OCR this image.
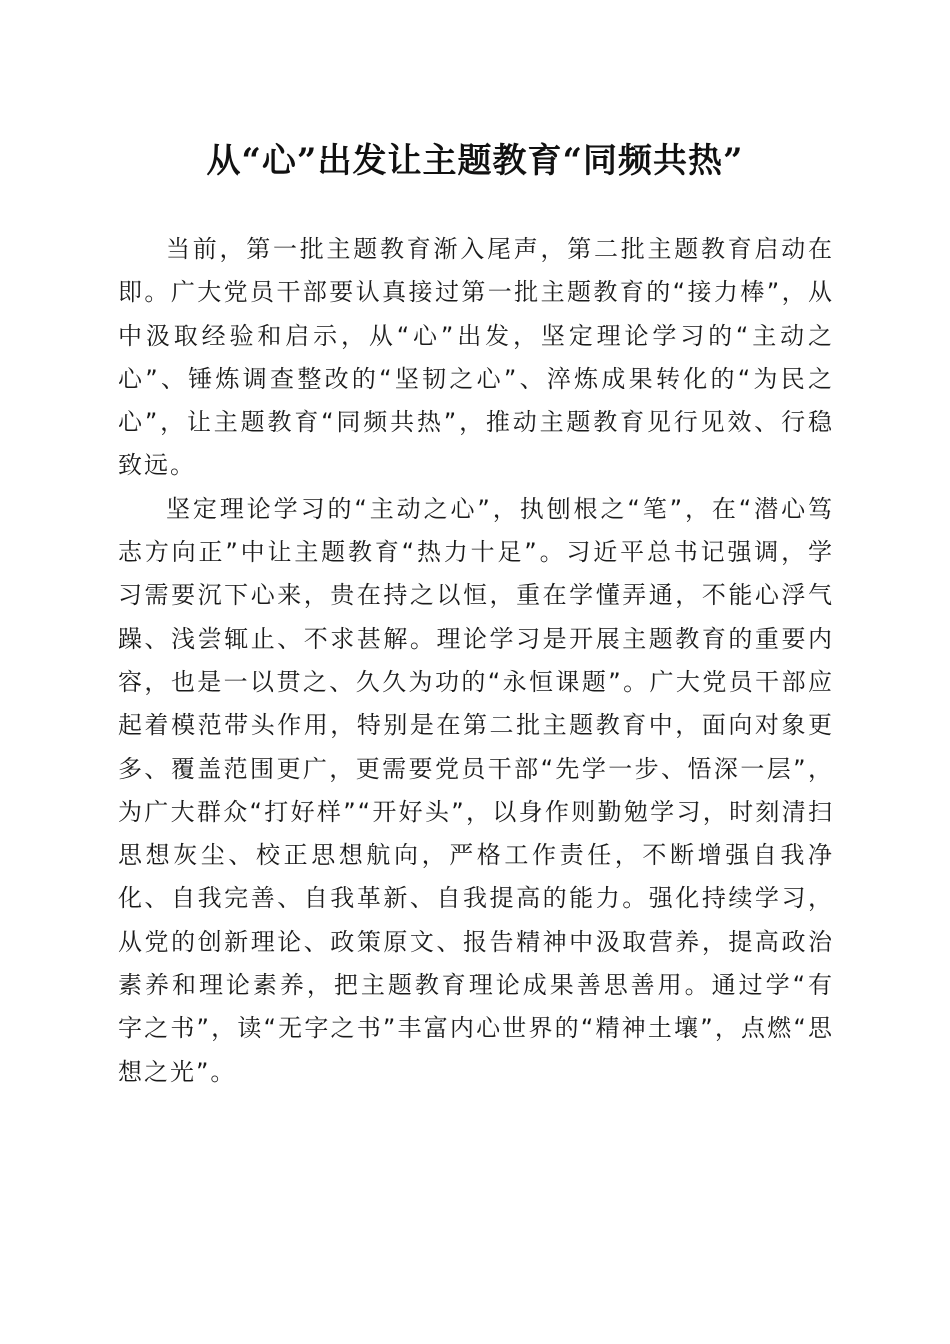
从“心”出发让主题教育“同频共热”

当前，第一批主题教育渐入尾声，第二批主题教育启动在即。广大党员干部要认真接过第一批主题教育的“接力棒”，从中汲取经验和启示，从“心”出发，坚定理论学习的“主动之心”、锤炼调查整改的“坚韧之心”、淬炼成果转化的“为民之心”，让主题教育“同频共热”，推动主题教育见行见效、行稳致远。

坚定理论学习的“主动之心”，执刨根之“笔”，在“潜心笃志方向正”中让主题教育“热力十足”。习近平总书记强调，学习需要沉下心来，贵在持之以恒，重在学懂弄通，不能心浮气躁、浅尝辄止、不求甚解。理论学习是开展主题教育的重要内容，也是一以贯之、久久为功的“永恒课题”。广大党员干部应起着模范带头作用，特别是在第二批主题教育中，面向对象更多、覆盖范围更广，更需要党员干部“先学一步、悟深一层”，为广大群众“打好样”“开好头”，以身作则勤勉学习，时刻清扫思想灰尘、校正思想航向，严格工作责任，不断增强自我净化、自我完善、自我革新、自我提高的能力。强化持续学习，从党的创新理论、政策原文、报告精神中汲取营养，提高政治素养和理论素养，把主题教育理论成果善思善用。通过学“有字之书”，读“无字之书”丰富内心世界的“精神土壤”，点燃“思想之光”。
